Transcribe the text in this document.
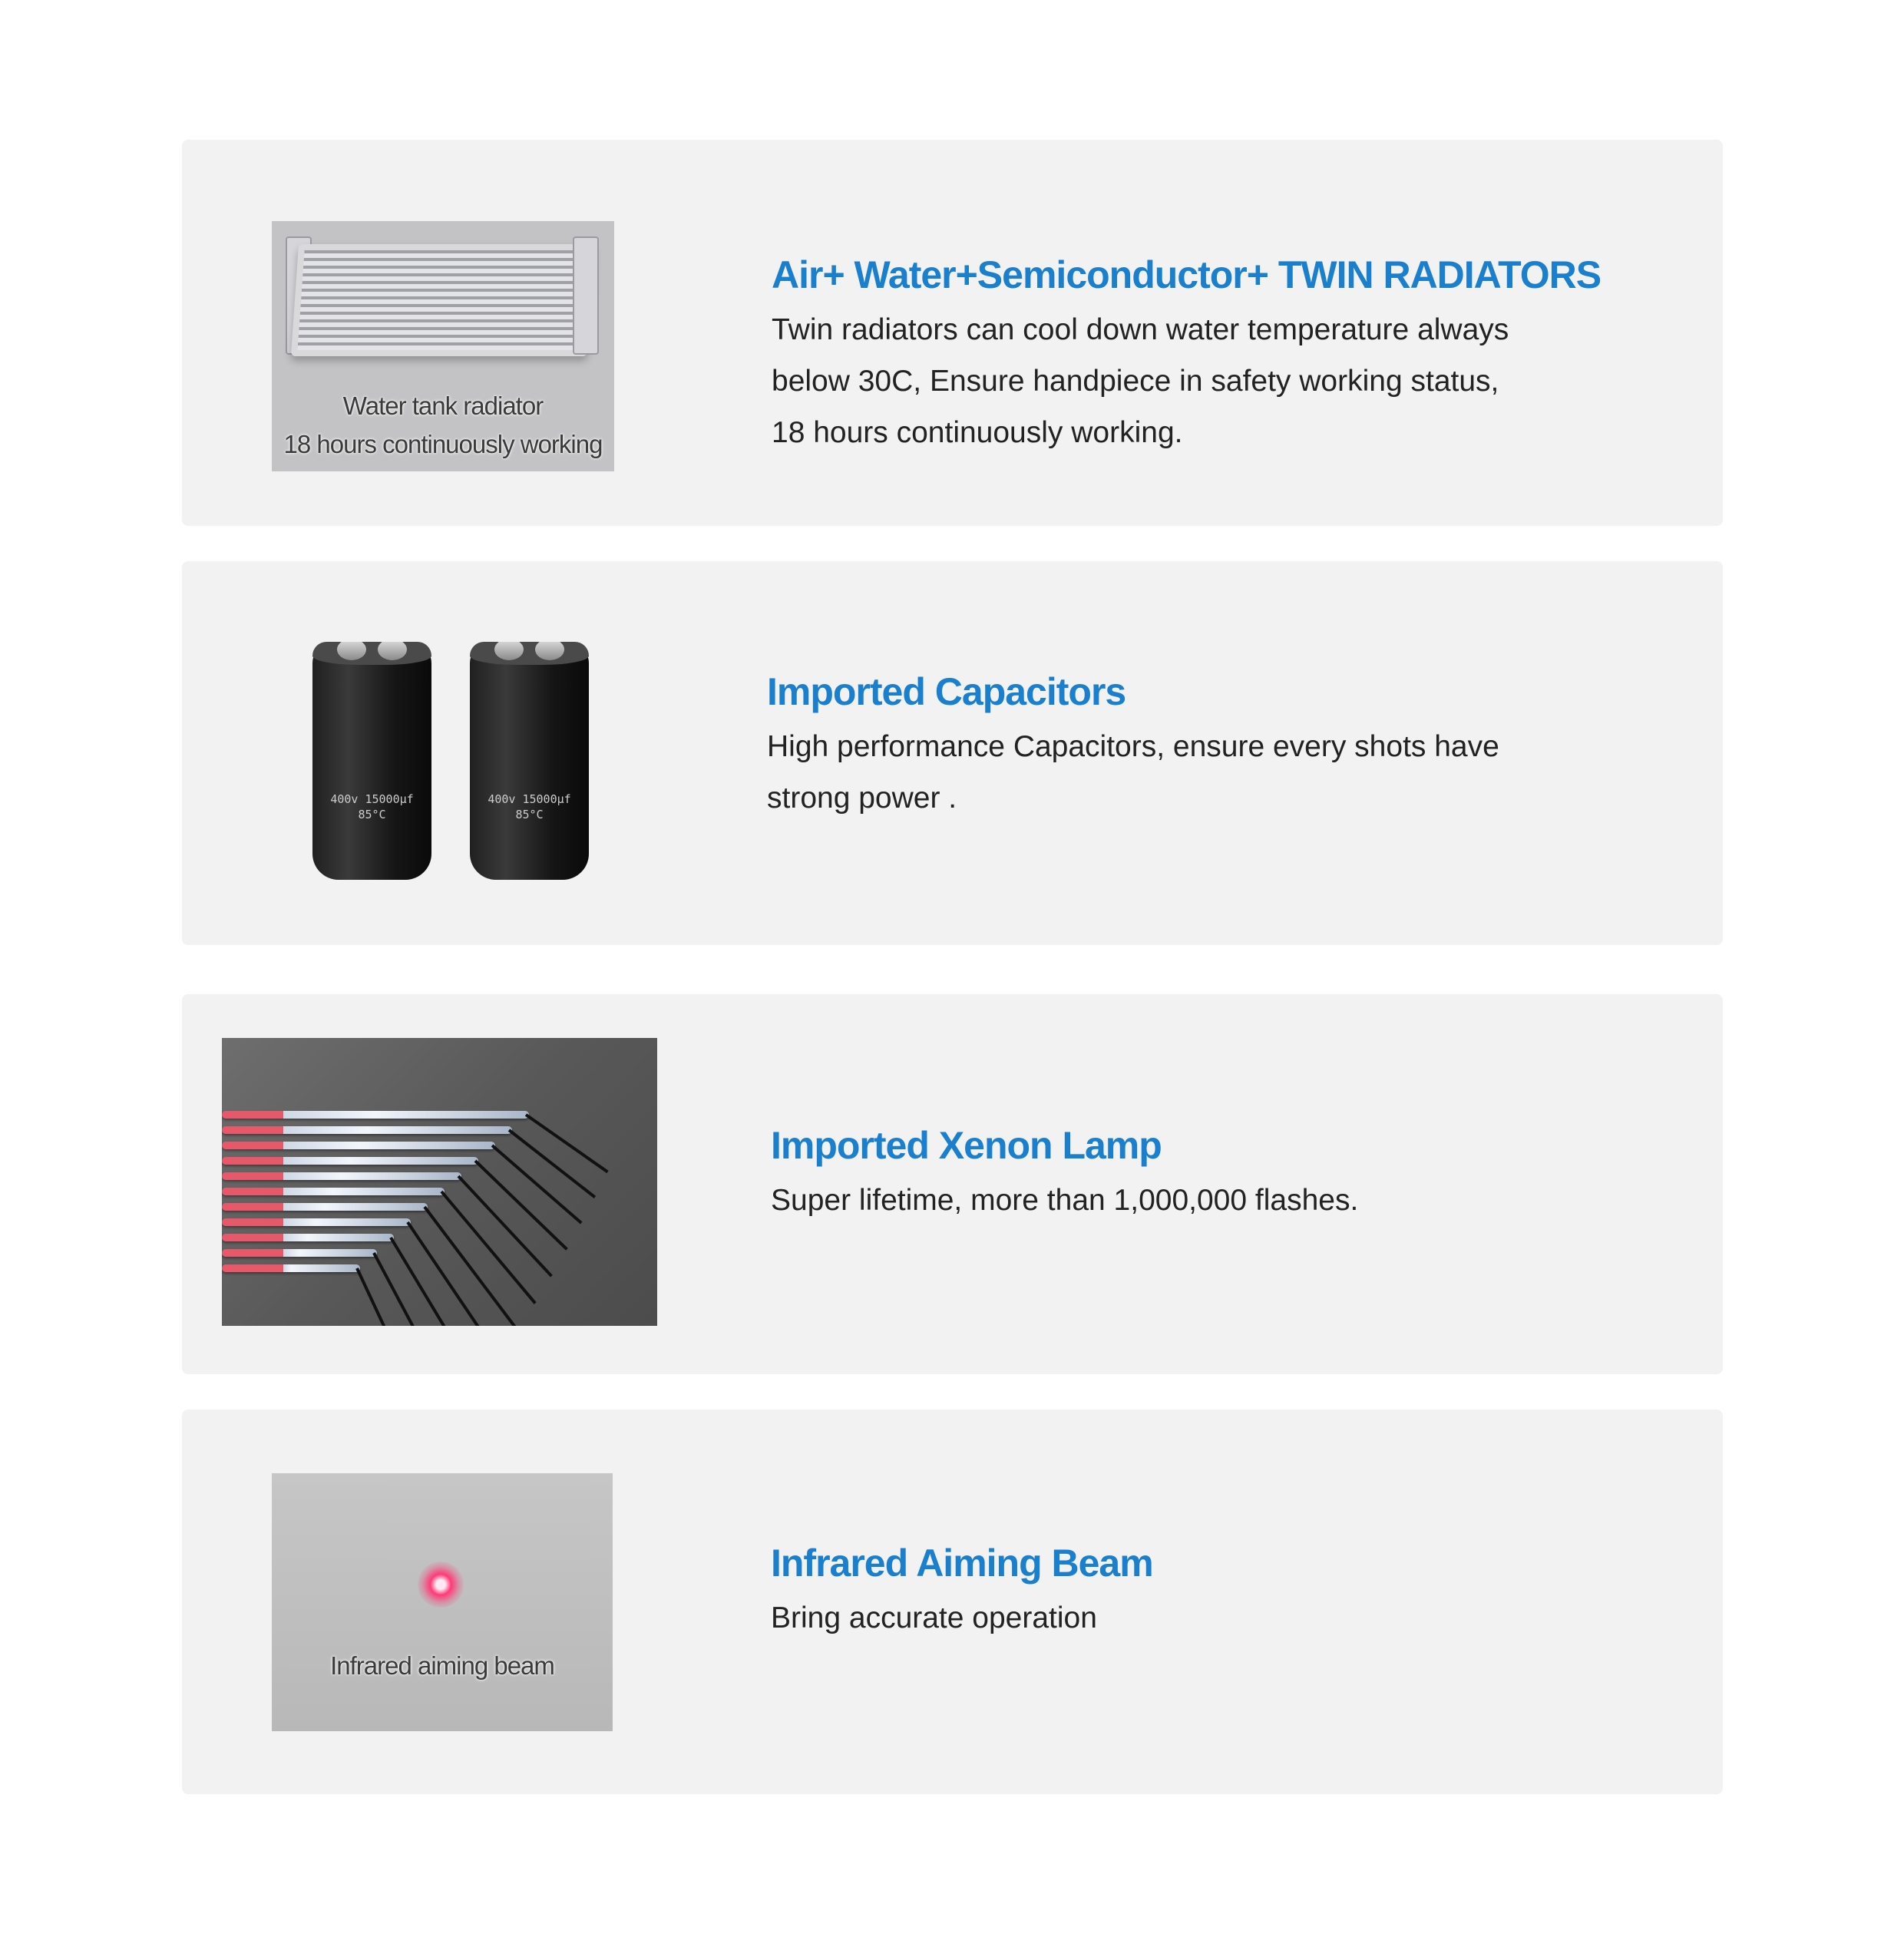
Water tank radiator
18 hours continuously working
Air+ Water+Semiconductor+ TWIN RADIATORS

Twin radiators can cool down water temperature always

below 30C, Ensure handpiece in safety working status,

18 hours continuously working.

400v 15000µf
85°C
400v 15000µf
85°C
Imported Capacitors

High performance Capacitors, ensure every shots have

strong power .

Imported Xenon Lamp

Super lifetime, more than 1,000,000 flashes.

Infrared aiming beam
Infrared Aiming Beam

Bring accurate operation
